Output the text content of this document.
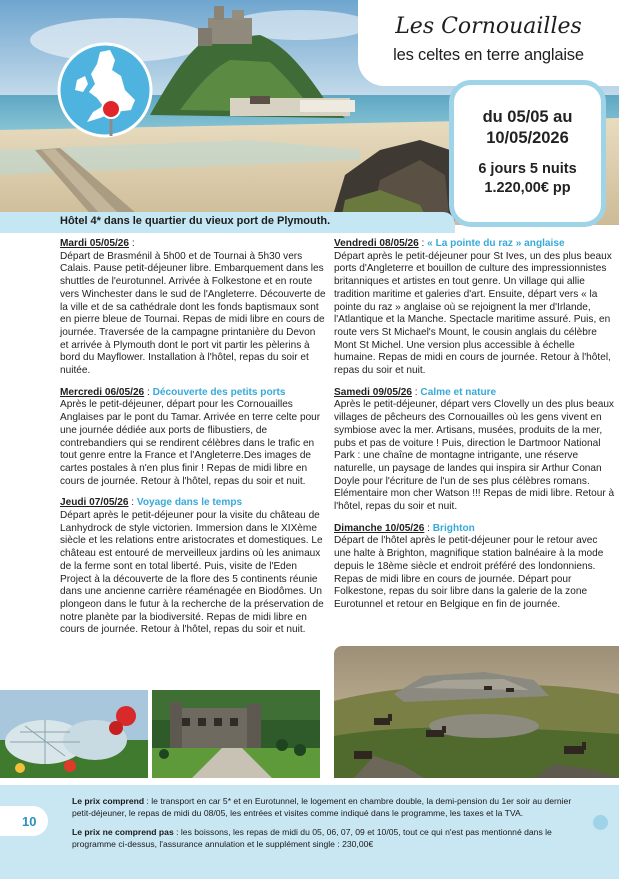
Les Cornouailles
les celtes en terre anglaise
du 05/05 au
10/05/2026
6 jours 5 nuits
1.220,00€ pp
Hôtel 4* dans le quartier du vieux port de Plymouth.
Mardi 05/05/26 :

Départ de Brasménil à 5h00 et de Tournai à 5h30 vers Calais. Pause petit-déjeuner libre. Embarquement dans les shuttles de l'eurotunnel. Arrivée à Folkestone et en route vers Winchester dans le sud de l'Angleterre. Découverte de la ville et de sa cathédrale dont les fonds baptismaux sont en pierre bleue de Tournai. Repas de midi libre en cours de journée. Traversée de la campagne printanière du Devon et arrivée à Plymouth dont le port vit partir les pèlerins à bord du Mayflower. Installation à l'hôtel, repas du soir et nuitée.

Mercredi 06/05/26 : Découverte des petits ports

Après le petit-déjeuner, départ pour les Cornouailles Anglaises par le pont du Tamar. Arrivée en terre celte pour une journée dédiée aux ports de flibustiers, de contrebandiers qui se rendirent célèbres dans le trafic en tout genre entre la France et l'Angleterre.Des images de cartes postales à n'en plus finir ! Repas de midi libre en cours de journée. Retour à l'hôtel, repas du soir et nuit.

Jeudi 07/05/26 : Voyage dans le temps

Départ après le petit-déjeuner pour la visite du château de Lanhydrock de style victorien. Immersion dans le XIXème siècle et les relations entre aristocrates et domestiques. Le château est entouré de merveilleux jardins où les animaux de la ferme sont en total liberté. Puis, visite de l'Eden Project à la découverte de la flore des 5 continents réunie dans une ancienne carrière réaménagée en Biodômes. Un plongeon dans le futur à la recherche de la préservation de notre planète par la biodiversité. Repas de midi libre en cours de journée. Retour à l'hôtel, repas du soir et nuit.

Vendredi 08/05/26 : « La pointe du raz » anglaise

Départ après le petit-déjeuner pour St Ives, un des plus beaux ports d'Angleterre et bouillon de culture des impressionnistes britanniques et artistes en tout genre. Un village qui allie tradition maritime et galeries d'art. Ensuite, départ vers « la pointe du raz » anglaise où se rejoignent la mer d'Irlande, l'Atlantique et la Manche. Spectacle maritime assuré. Puis, en route vers St Michael's Mount, le cousin anglais du célèbre Mont St Michel. Une version plus accessible à échelle humaine. Repas de midi en cours de journée. Retour à l'hôtel, repas du soir et nuit.

Samedi 09/05/26 : Calme et nature

Après le petit-déjeuner, départ vers Clovelly un des plus beaux villages de pêcheurs des Cornouailles où les gens vivent en symbiose avec la mer. Artisans, musées, produits de la mer, pubs et pas de voiture ! Puis, direction le Dartmoor National Park : une chaîne de montagne intrigante, une réserve naturelle, un paysage de landes qui inspira sir Arthur Conan Doyle pour l'écriture de l'un de ses plus célèbres romans. Elémentaire mon cher Watson !!! Repas de midi libre. Retour à l'hôtel, repas du soir et nuit.

Dimanche 10/05/26 : Brighton

Départ de l'hôtel après le petit-déjeuner pour le retour avec une halte à Brighton, magnifique station balnéaire à la mode depuis le 18ème siècle et endroit préféré des londonniens. Repas de midi libre en cours de journée. Départ pour Folkestone, repas du soir libre dans la galerie de la zone Eurotunnel et retour en Belgique en fin de journée.

Le prix comprend : le transport en car 5* et en Eurotunnel, le logement en chambre double, la demi-pension du 1er soir au dernier petit-déjeuner, le repas de midi du 08/05, les entrées et visites comme indiqué dans le programme, les taxes et la TVA.
Le prix ne comprend pas : les boissons, les repas de midi du 05, 06, 07, 09 et 10/05, tout ce qui n'est pas mentionné dans le programme ci-dessus, l'assurance annulation et le supplément single : 230,00€
10
